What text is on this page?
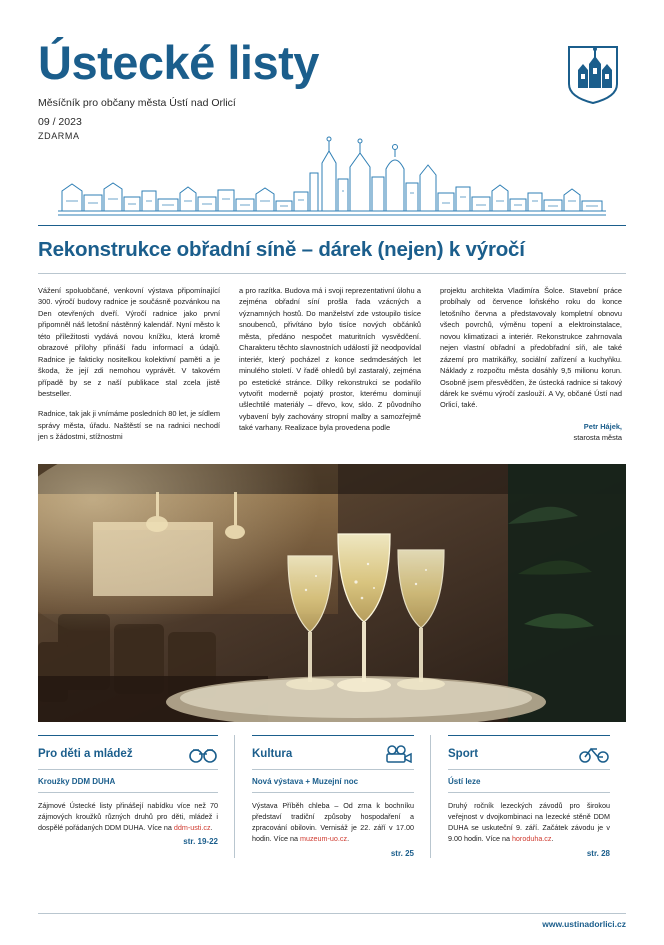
Ústecké listy
Měsíčník pro občany města Ústí nad Orlicí
09 / 2023
ZDARMA
Rekonstrukce obřadní síně – dárek (nejen) k výročí

Vážení spoluobčané, venkovní výstava připomínající 300. výročí budovy radnice je součásně pozvánkou na Den otevřených dveří. Výročí radnice jako první připomněl náš letošní nástěnný kalendář. Nyní město k této příležitosti vydává novou knížku, která kromě obrazové přílohy přináší řadu informací a údajů. Radnice je fakticky nositelkou kolektivní paměti a je škoda, že její zdi nemohou vyprávět. V takovém případě by se z naší publikace stal zcela jistě bestseller.

Radnice, tak jak ji vnímáme posledních 80 let, je sídlem správy města, úřadu. Naštěstí se na radnici nechodí jen s žádostmi, stížnostmi

a pro razítka. Budova má i svoji reprezentativní úlohu a zejména obřadní síní prošla řada vzácných a významných hostů. Do manželství zde vstoupilo tisíce snoubenců, přivítáno bylo tisíce nových občánků města, předáno nespočet maturitních vysvědčení. Charakteru těchto slavnostních událostí již neodpovídal interiér, který pocházel z konce sedmdesátých let minulého století. V řadě ohledů byl zastaralý, zejména po estetické stránce. Dílky rekonstrukci se podařilo vytvořit moderně pojatý prostor, kterému dominují ušlechtilé materiály – dřevo, kov, sklo. Z původního vybavení byly zachovány stropní malby a samozřejmě také varhany. Realizace byla provedena podle

projektu architekta Vladimíra Šolce. Stavební práce probíhaly od července loňského roku do konce letošního června a představovaly kompletní obnovu všech povrchů, výměnu topení a elektroinstalace, novou klimatizaci a interiér. Rekonstrukce zahrnovala nejen vlastní obřadní a předobřadní síň, ale také zázemí pro matrikářky, sociální zařízení a kuchyňku. Náklady z rozpočtu města dosáhly 9,5 milionu korun. Osobně jsem přesvědčen, že ústecká radnice si takový dárek ke svému výročí zaslouží. A Vy, občané Ústí nad Orlicí, také.

Petr Hájek,
starosta města
Pro děti a mládež
Kroužky DDM DUHA
Zájmové Ústecké listy přinášejí nabídku více než 70 zájmových kroužků různých druhů pro děti, mládež i dospělé pořádaných DDM DUHA. Více na ddm-usti.cz.
str. 19-22
Kultura
Nová výstava + Muzejní noc
Výstava Příběh chleba – Od zrna k bochníku představí tradiční způsoby hospodaření a zpracování obilovin. Vernisáž je 22. září v 17.00 hodin. Více na muzeum-uo.cz.
str. 25
Sport
Ústí leze
Druhý ročník lezeckých závodů pro širokou veřejnost v dvojkombinaci na lezecké stěně DDM DUHA se uskuteční 9. září. Začátek závodu je v 9.00 hodin. Více na horoduha.cz.
str. 28
www.ustinadorlici.cz
